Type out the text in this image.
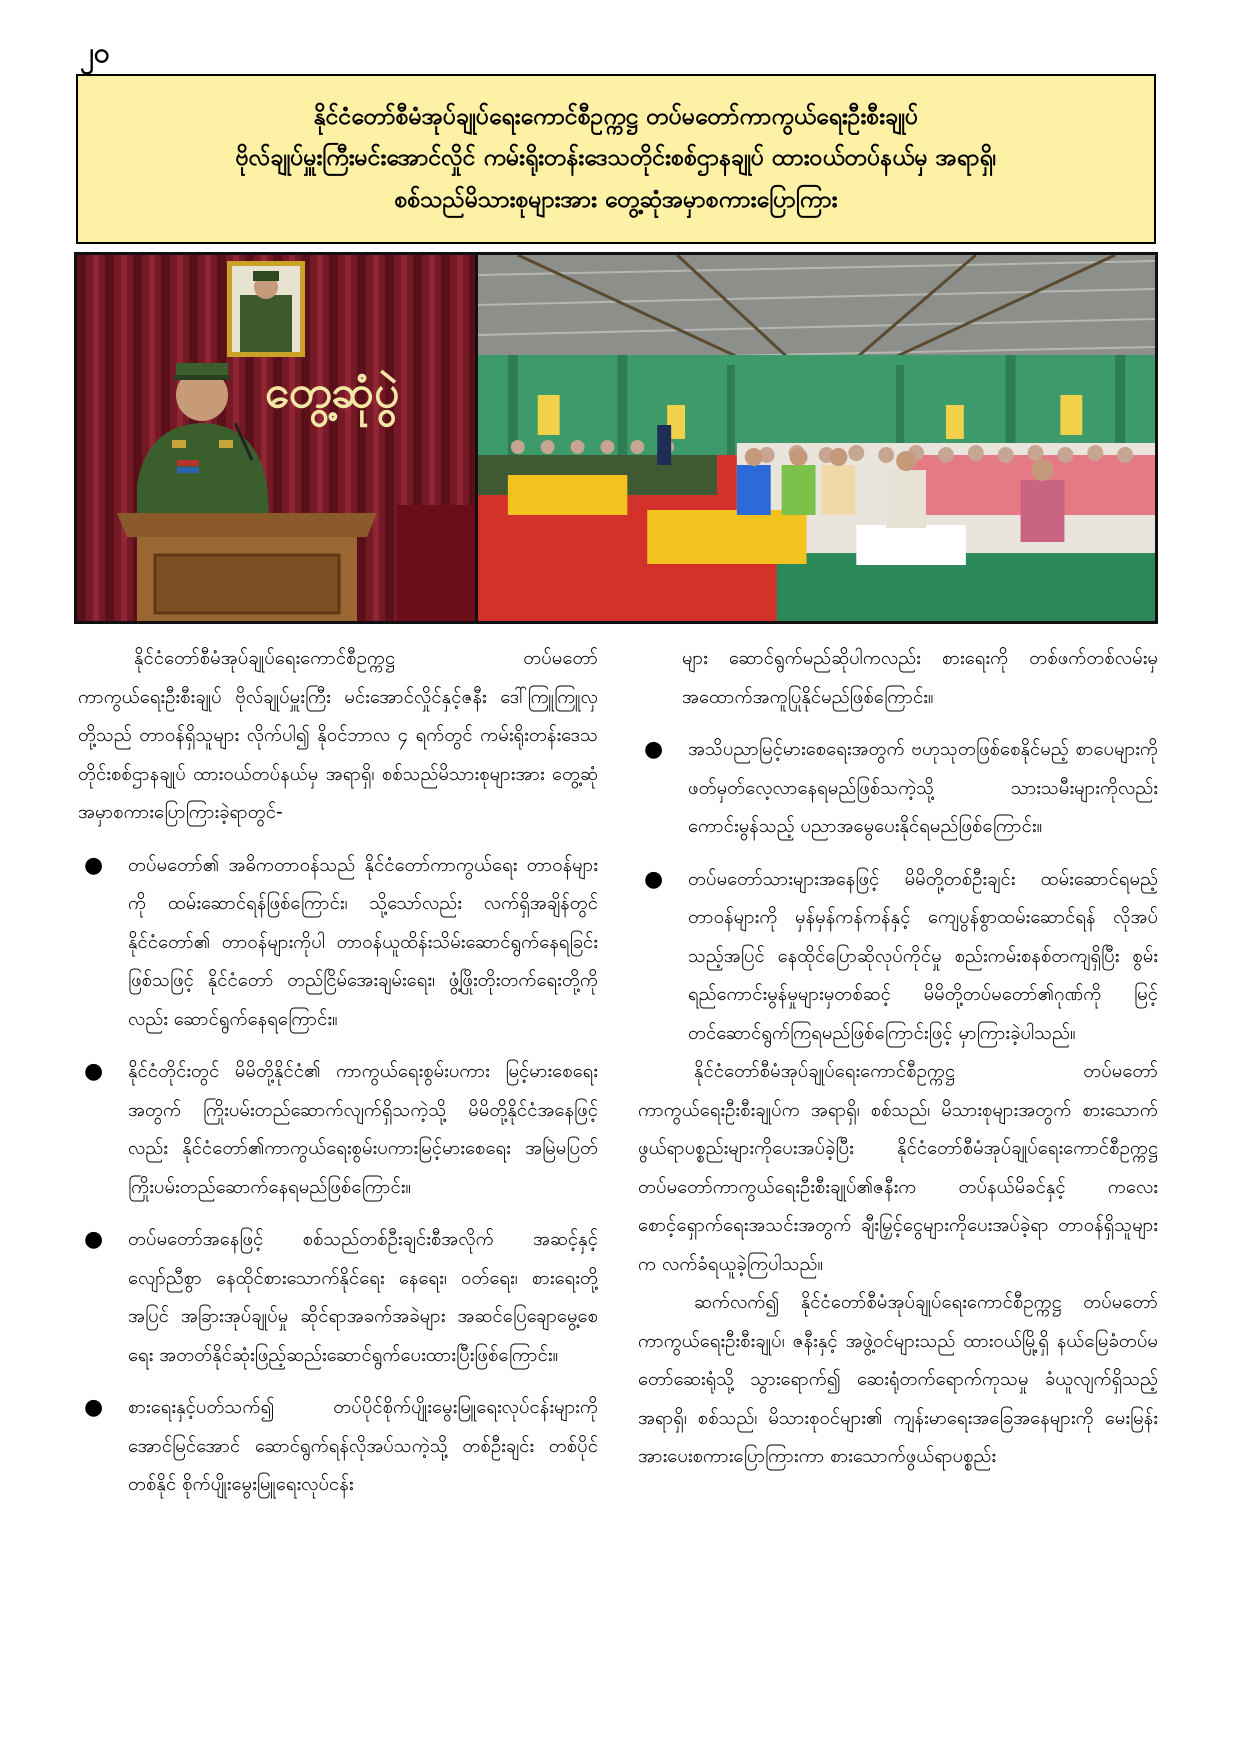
၂၀
နိုင်ငံတော်စီမံအုပ်ချုပ်ရေးကောင်စီဥက္ကဋ္ဌ တပ်မတော်ကာကွယ်ရေးဦးစီးချုပ်
ဗိုလ်ချုပ်မှူးကြီးမင်းအောင်လှိုင် ကမ်းရိုးတန်းဒေသတိုင်းစစ်ဌာနချုပ် ထားဝယ်တပ်နယ်မှ အရာရှိ၊
စစ်သည်မိသားစုများအား တွေ့ဆုံအမှာစကားပြောကြား
တွေ့ဆုံပွဲ

နိုင်ငံတော်စီမံအုပ်ချုပ်ရေးကောင်စီဥက္ကဋ္ဌ တပ်မတော်ကာကွယ်ရေးဦးစီးချုပ် ဗိုလ်ချုပ်မှူးကြီး မင်းအောင်လှိုင်နှင့်ဇနီး ဒေါ်ကြူကြူလှတို့သည် တာဝန်ရှိသူများ လိုက်ပါ၍ နိုဝင်ဘာလ ၄ ရက်တွင် ကမ်းရိုးတန်းဒေသတိုင်းစစ်ဌာနချုပ် ထားဝယ်တပ်နယ်မှ အရာရှိ၊ စစ်သည်မိသားစုများအား တွေ့ဆုံအမှာစကားပြောကြားခဲ့ရာတွင်-

●	တပ်မတော်၏ အဓိကတာဝန်သည် နိုင်ငံတော်ကာကွယ်ရေး တာဝန်များကို ထမ်းဆောင်ရန်ဖြစ်ကြောင်း၊ သို့သော်လည်း လက်ရှိအချိန်တွင် နိုင်ငံတော်၏ တာဝန်များကိုပါ တာဝန်ယူထိန်းသိမ်းဆောင်ရွက်နေရခြင်းဖြစ်သဖြင့် နိုင်ငံတော် တည်ငြိမ်အေးချမ်းရေး၊ ဖွံ့ဖြိုးတိုးတက်ရေးတို့ကိုလည်း ဆောင်ရွက်နေရကြောင်း။

●	နိုင်ငံတိုင်းတွင် မိမိတို့နိုင်ငံ၏ ကာကွယ်ရေးစွမ်းပကား မြင့်မားစေရေးအတွက် ကြိုးပမ်းတည်ဆောက်လျက်ရှိသကဲ့သို့ မိမိတို့နိုင်ငံအနေဖြင့်လည်း နိုင်ငံတော်၏ကာကွယ်ရေးစွမ်းပကားမြင့်မားစေရေး အမြဲမပြတ်ကြိုးပမ်းတည်ဆောက်နေရမည်ဖြစ်ကြောင်း။

●	တပ်မတော်အနေဖြင့် စစ်သည်တစ်ဦးချင်းစီအလိုက် အဆင့်နှင့်လျော်ညီစွာ နေထိုင်စားသောက်နိုင်ရေး နေရေး၊ ဝတ်ရေး၊ စားရေးတို့အပြင် အခြားအုပ်ချုပ်မှု ဆိုင်ရာအခက်အခဲများ အဆင်ပြေချောမွေ့စေရေး အတတ်နိုင်ဆုံးဖြည့်ဆည်းဆောင်ရွက်ပေးထားပြီးဖြစ်ကြောင်း။

●	စားရေးနှင့်ပတ်သက်၍ တပ်ပိုင်စိုက်ပျိုးမွေးမြူရေးလုပ်ငန်းများကို အောင်မြင်အောင် ဆောင်ရွက်ရန်လိုအပ်သကဲ့သို့ တစ်ဦးချင်း တစ်ပိုင်တစ်နိုင် စိုက်ပျိုးမွေးမြူရေးလုပ်ငန်း

များ ဆောင်ရွက်မည်ဆိုပါကလည်း စားရေးကို တစ်ဖက်တစ်လမ်းမှ အထောက်အကူပြုနိုင်မည်ဖြစ်ကြောင်း။

●	အသိပညာမြင့်မားစေရေးအတွက် ဗဟုသုတဖြစ်စေနိုင်မည့် စာပေများကို ဖတ်မှတ်လေ့လာနေရမည်ဖြစ်သကဲ့သို့ သားသမီးများကိုလည်း ကောင်းမွန်သည့် ပညာအမွေပေးနိုင်ရမည်ဖြစ်ကြောင်း။

●	တပ်မတော်သားများအနေဖြင့် မိမိတို့တစ်ဦးချင်း ထမ်းဆောင်ရမည့် တာဝန်များကို မှန်မှန်ကန်ကန်နှင့် ကျေပွန်စွာထမ်းဆောင်ရန် လိုအပ်သည့်အပြင် နေထိုင်ပြောဆိုလုပ်ကိုင်မှု စည်းကမ်းစနစ်တကျရှိပြီး စွမ်းရည်ကောင်းမွန်မှုများမှတစ်ဆင့် မိမိတို့တပ်မတော်၏ဂုဏ်ကို မြင့်တင်ဆောင်ရွက်ကြရမည်ဖြစ်ကြောင်းဖြင့် မှာကြားခဲ့ပါသည်။

နိုင်ငံတော်စီမံအုပ်ချုပ်ရေးကောင်စီဥက္ကဋ္ဌ တပ်မတော်ကာကွယ်ရေးဦးစီးချုပ်က အရာရှိ၊ စစ်သည်၊ မိသားစုများအတွက် စားသောက်ဖွယ်ရာပစ္စည်းများကိုပေးအပ်ခဲ့ပြီး နိုင်ငံတော်စီမံအုပ်ချုပ်ရေးကောင်စီဥက္ကဋ္ဌ တပ်မတော်ကာကွယ်ရေးဦးစီးချုပ်၏ဇနီးက တပ်နယ်မိခင်နှင့် ကလေးစောင့်ရှောက်ရေးအသင်းအတွက် ချီးမြှင့်ငွေများကိုပေးအပ်ခဲ့ရာ တာဝန်ရှိသူများက လက်ခံရယူခဲ့ကြပါသည်။

ဆက်လက်၍ နိုင်ငံတော်စီမံအုပ်ချုပ်ရေးကောင်စီဥက္ကဋ္ဌ တပ်မတော်ကာကွယ်ရေးဦးစီးချုပ်၊ ဇနီးနှင့် အဖွဲ့ဝင်များသည် ထားဝယ်မြို့ရှိ နယ်မြေခံတပ်မတော်ဆေးရုံသို့ သွားရောက်၍ ဆေးရုံတက်ရောက်ကုသမှု ခံယူလျက်ရှိသည့် အရာရှိ၊ စစ်သည်၊ မိသားစုဝင်များ၏ ကျန်းမာရေးအခြေအနေများကို မေးမြန်းအားပေးစကားပြောကြားကာ စားသောက်ဖွယ်ရာပစ္စည်း
